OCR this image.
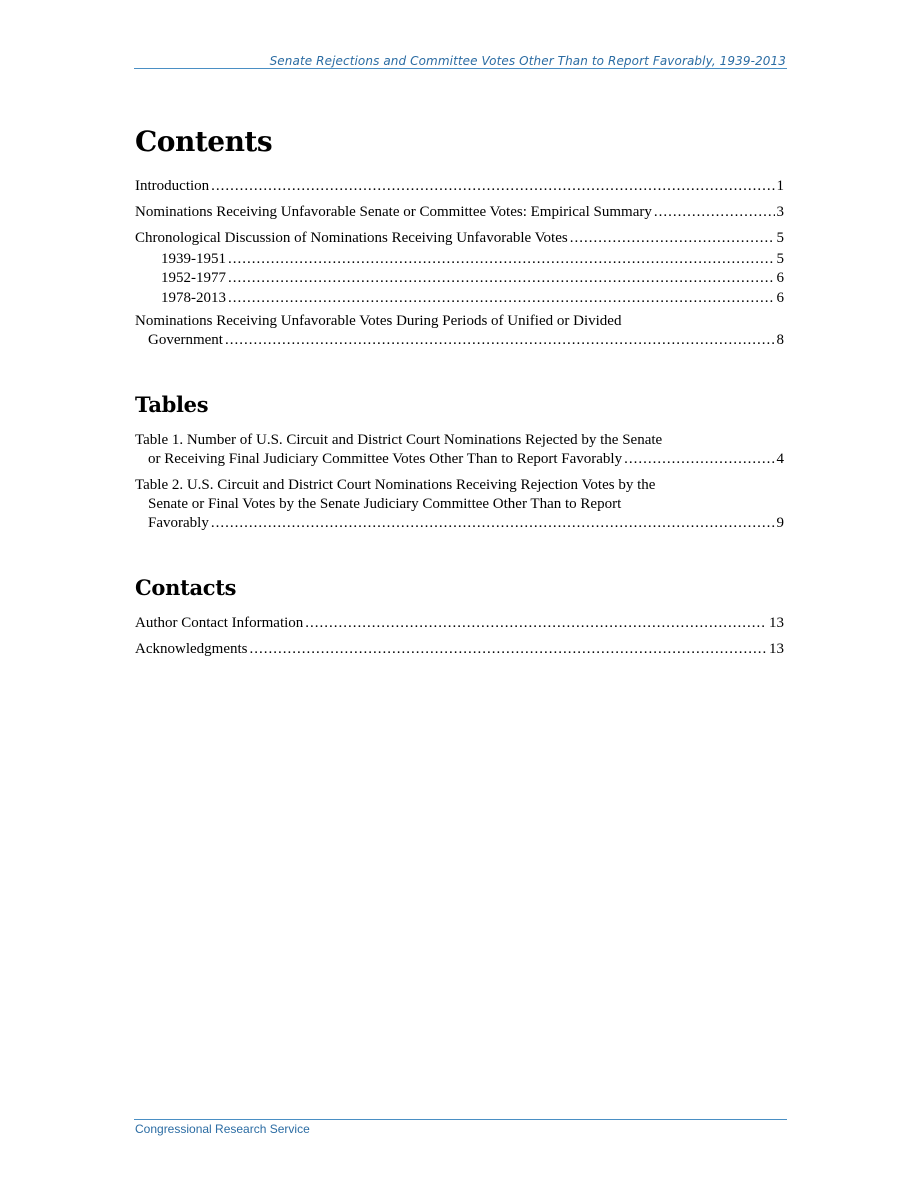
Senate Rejections and Committee Votes Other Than to Report Favorably, 1939-2013
Contents
Introduction .....	1
Nominations Receiving Unfavorable Senate or Committee Votes: Empirical Summary .....	3
Chronological Discussion of Nominations Receiving Unfavorable Votes .....	5
1939-1951 .....	5
1952-1977 .....	6
1978-2013 .....	6
Nominations Receiving Unfavorable Votes During Periods of Unified or Divided
Government .....	8
Tables
Table 1. Number of U.S. Circuit and District Court Nominations Rejected by the Senate
or Receiving Final Judiciary Committee Votes Other Than to Report Favorably .....	4
Table 2. U.S. Circuit and District Court Nominations Receiving Rejection Votes by the
Senate or Final Votes by the Senate Judiciary Committee Other Than to Report
Favorably .....	9
Contacts
Author Contact Information .....	13
Acknowledgments .....	13
Congressional Research Service
